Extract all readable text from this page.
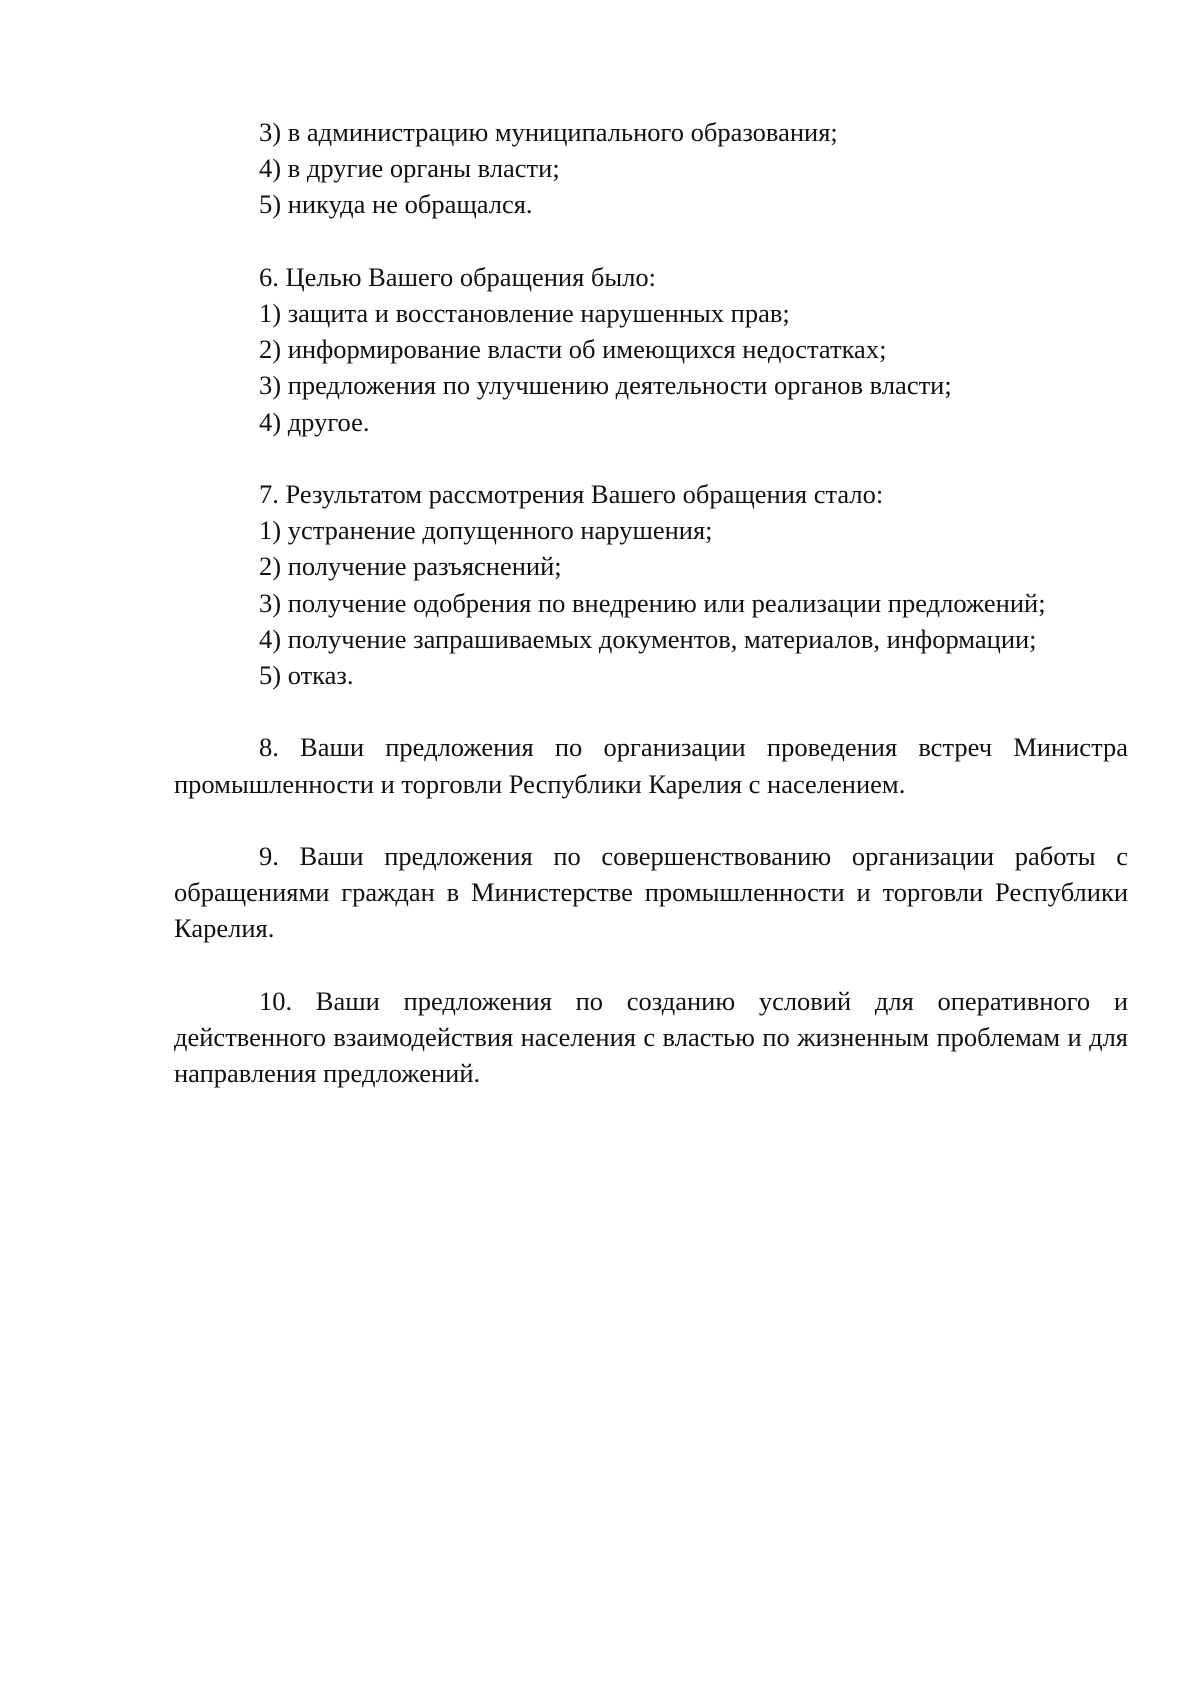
3) в администрацию муниципального образования;

4) в другие органы власти;

5) никуда не обращался.

6. Целью Вашего обращения было:

1) защита и восстановление нарушенных прав;

2) информирование власти об имеющихся недостатках;

3) предложения по улучшению деятельности органов власти;

4) другое.

7. Результатом рассмотрения Вашего обращения стало:

1) устранение допущенного нарушения;

2) получение разъяснений;

3) получение одобрения по внедрению или реализации предложений;

4) получение запрашиваемых документов, материалов, информации;

5) отказ.

8. Ваши предложения по организации проведения встреч Министра промышленности и торговли Республики Карелия с населением.

9. Ваши предложения по совершенствованию организации работы с обращениями граждан в Министерстве промышленности и торговли Республики Карелия.

10. Ваши предложения по созданию условий для оперативного и действенного взаимодействия населения с властью по жизненным проблемам и для направления предложений.
